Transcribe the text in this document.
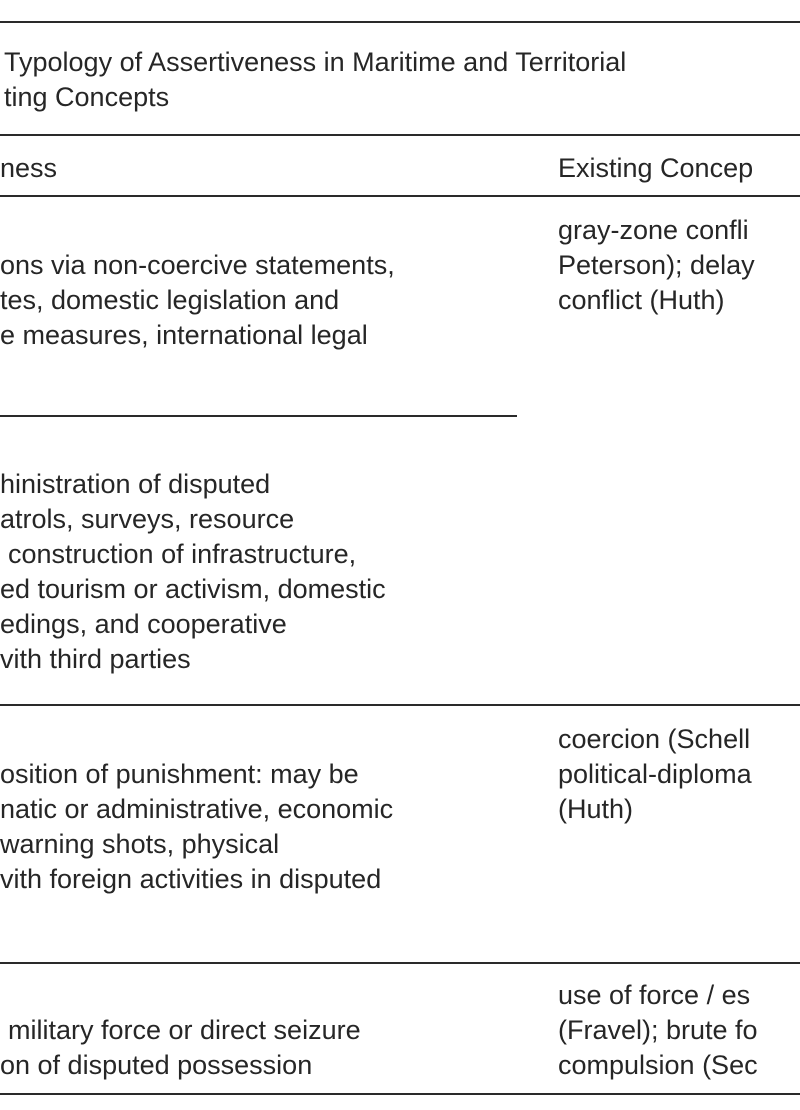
Typology of Assertiveness in Maritime and Territorial
ting Concepts
ness	Existing Concep
ons via non-coercive statements,
tes, domestic legislation and
e measures, international legal
gray-zone confli
Peterson); delay
conflict (Huth)
hinistration of disputed
atrols, surveys, resource
construction of infrastructure,
ed tourism or activism, domestic
edings, and cooperative
vith third parties
osition of punishment: may be
natic or administrative, economic
warning shots, physical
vith foreign activities in disputed
coercion (Schell
political-diploma
(Huth)
military force or direct seizure
on of disputed possession
use of force / es
(Fravel); brute fo
compulsion (Sec
